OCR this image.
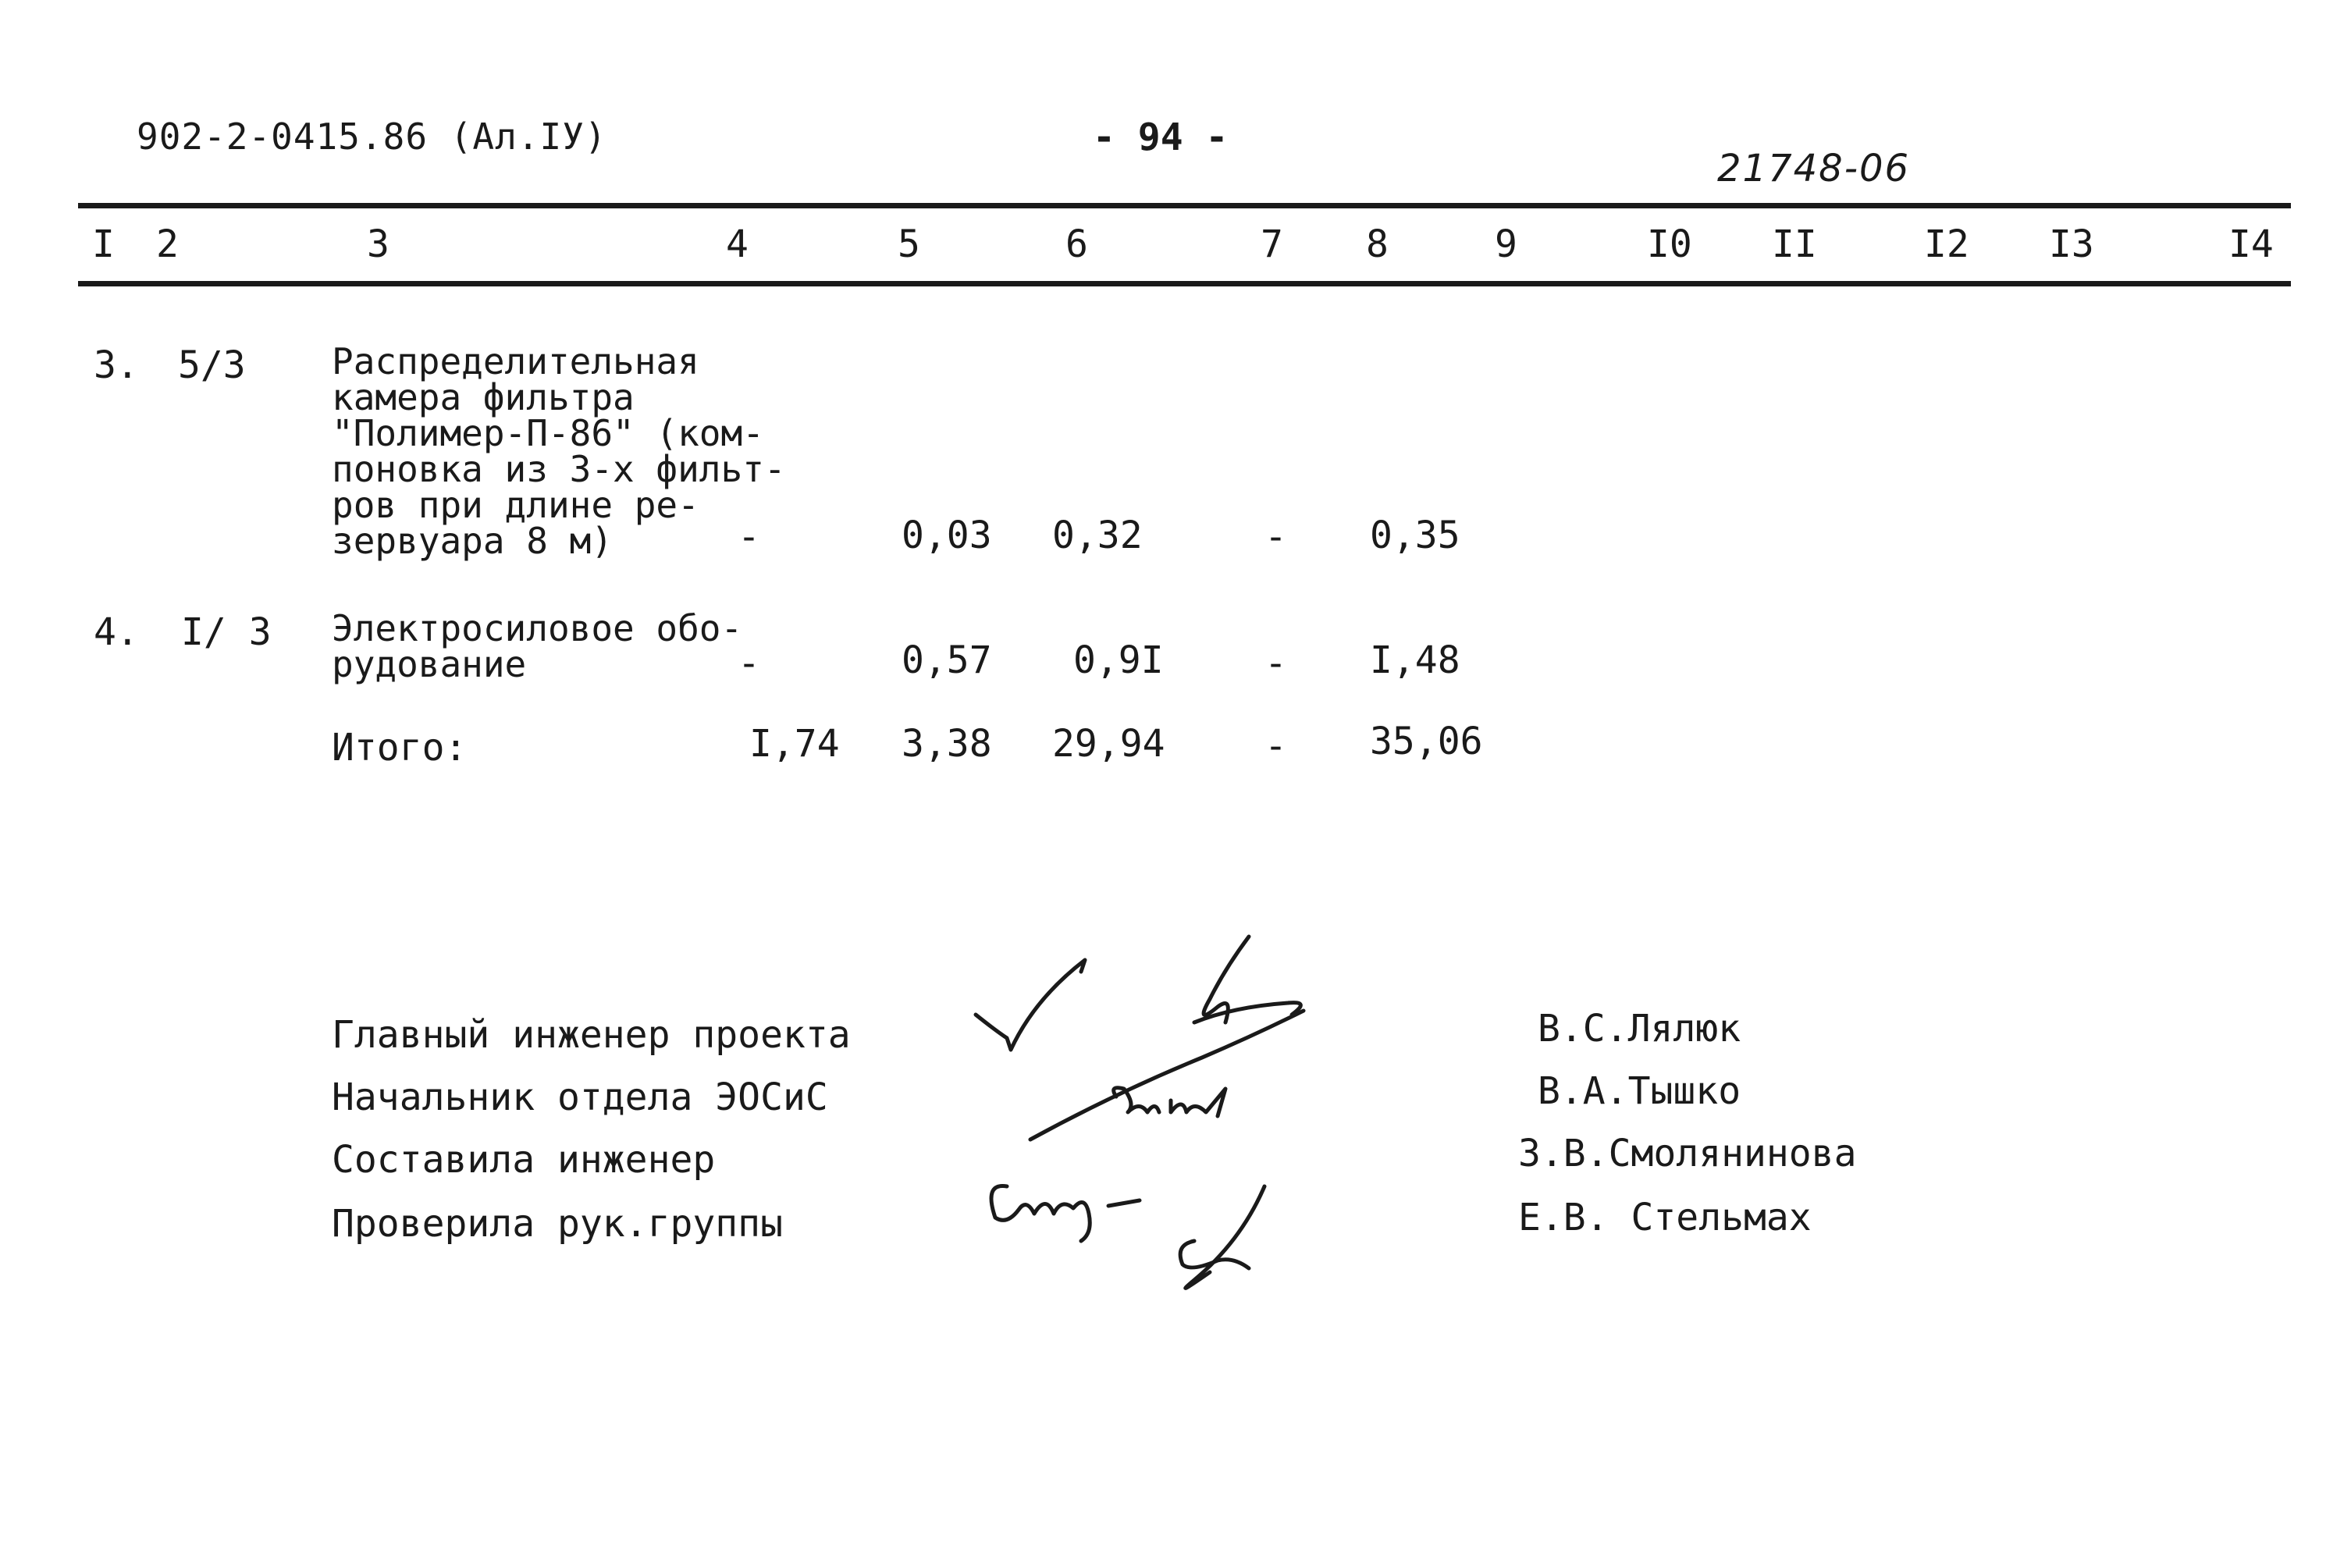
902-2-0415.86 (Ал.IУ)	- 94 -
21748-06
I 2	3	4	5	6	7 8	9	I0 II	I2 I3	I4
3. 5/3 Распределительная
камера фильтра
"Полимер-П-86" (ком-
поновка из 3-х фильт-
ров при длине ре-
зервуара 8 м)	-	0,03 0,32	- 0,35
4. I∕ 3 Электросиловое обо-
рудование	-	0,57 0,9I	- I,48
Итого:	I,74 3,38 29,94	- 35,06
Главный инженер проекта
Начальник отдела ЭОСиС
Составила инженер
Проверила рук.группы
В.С.Лялюк
В.А.Тышко
З.В.Смолянинова
Е.В. Стельмах
